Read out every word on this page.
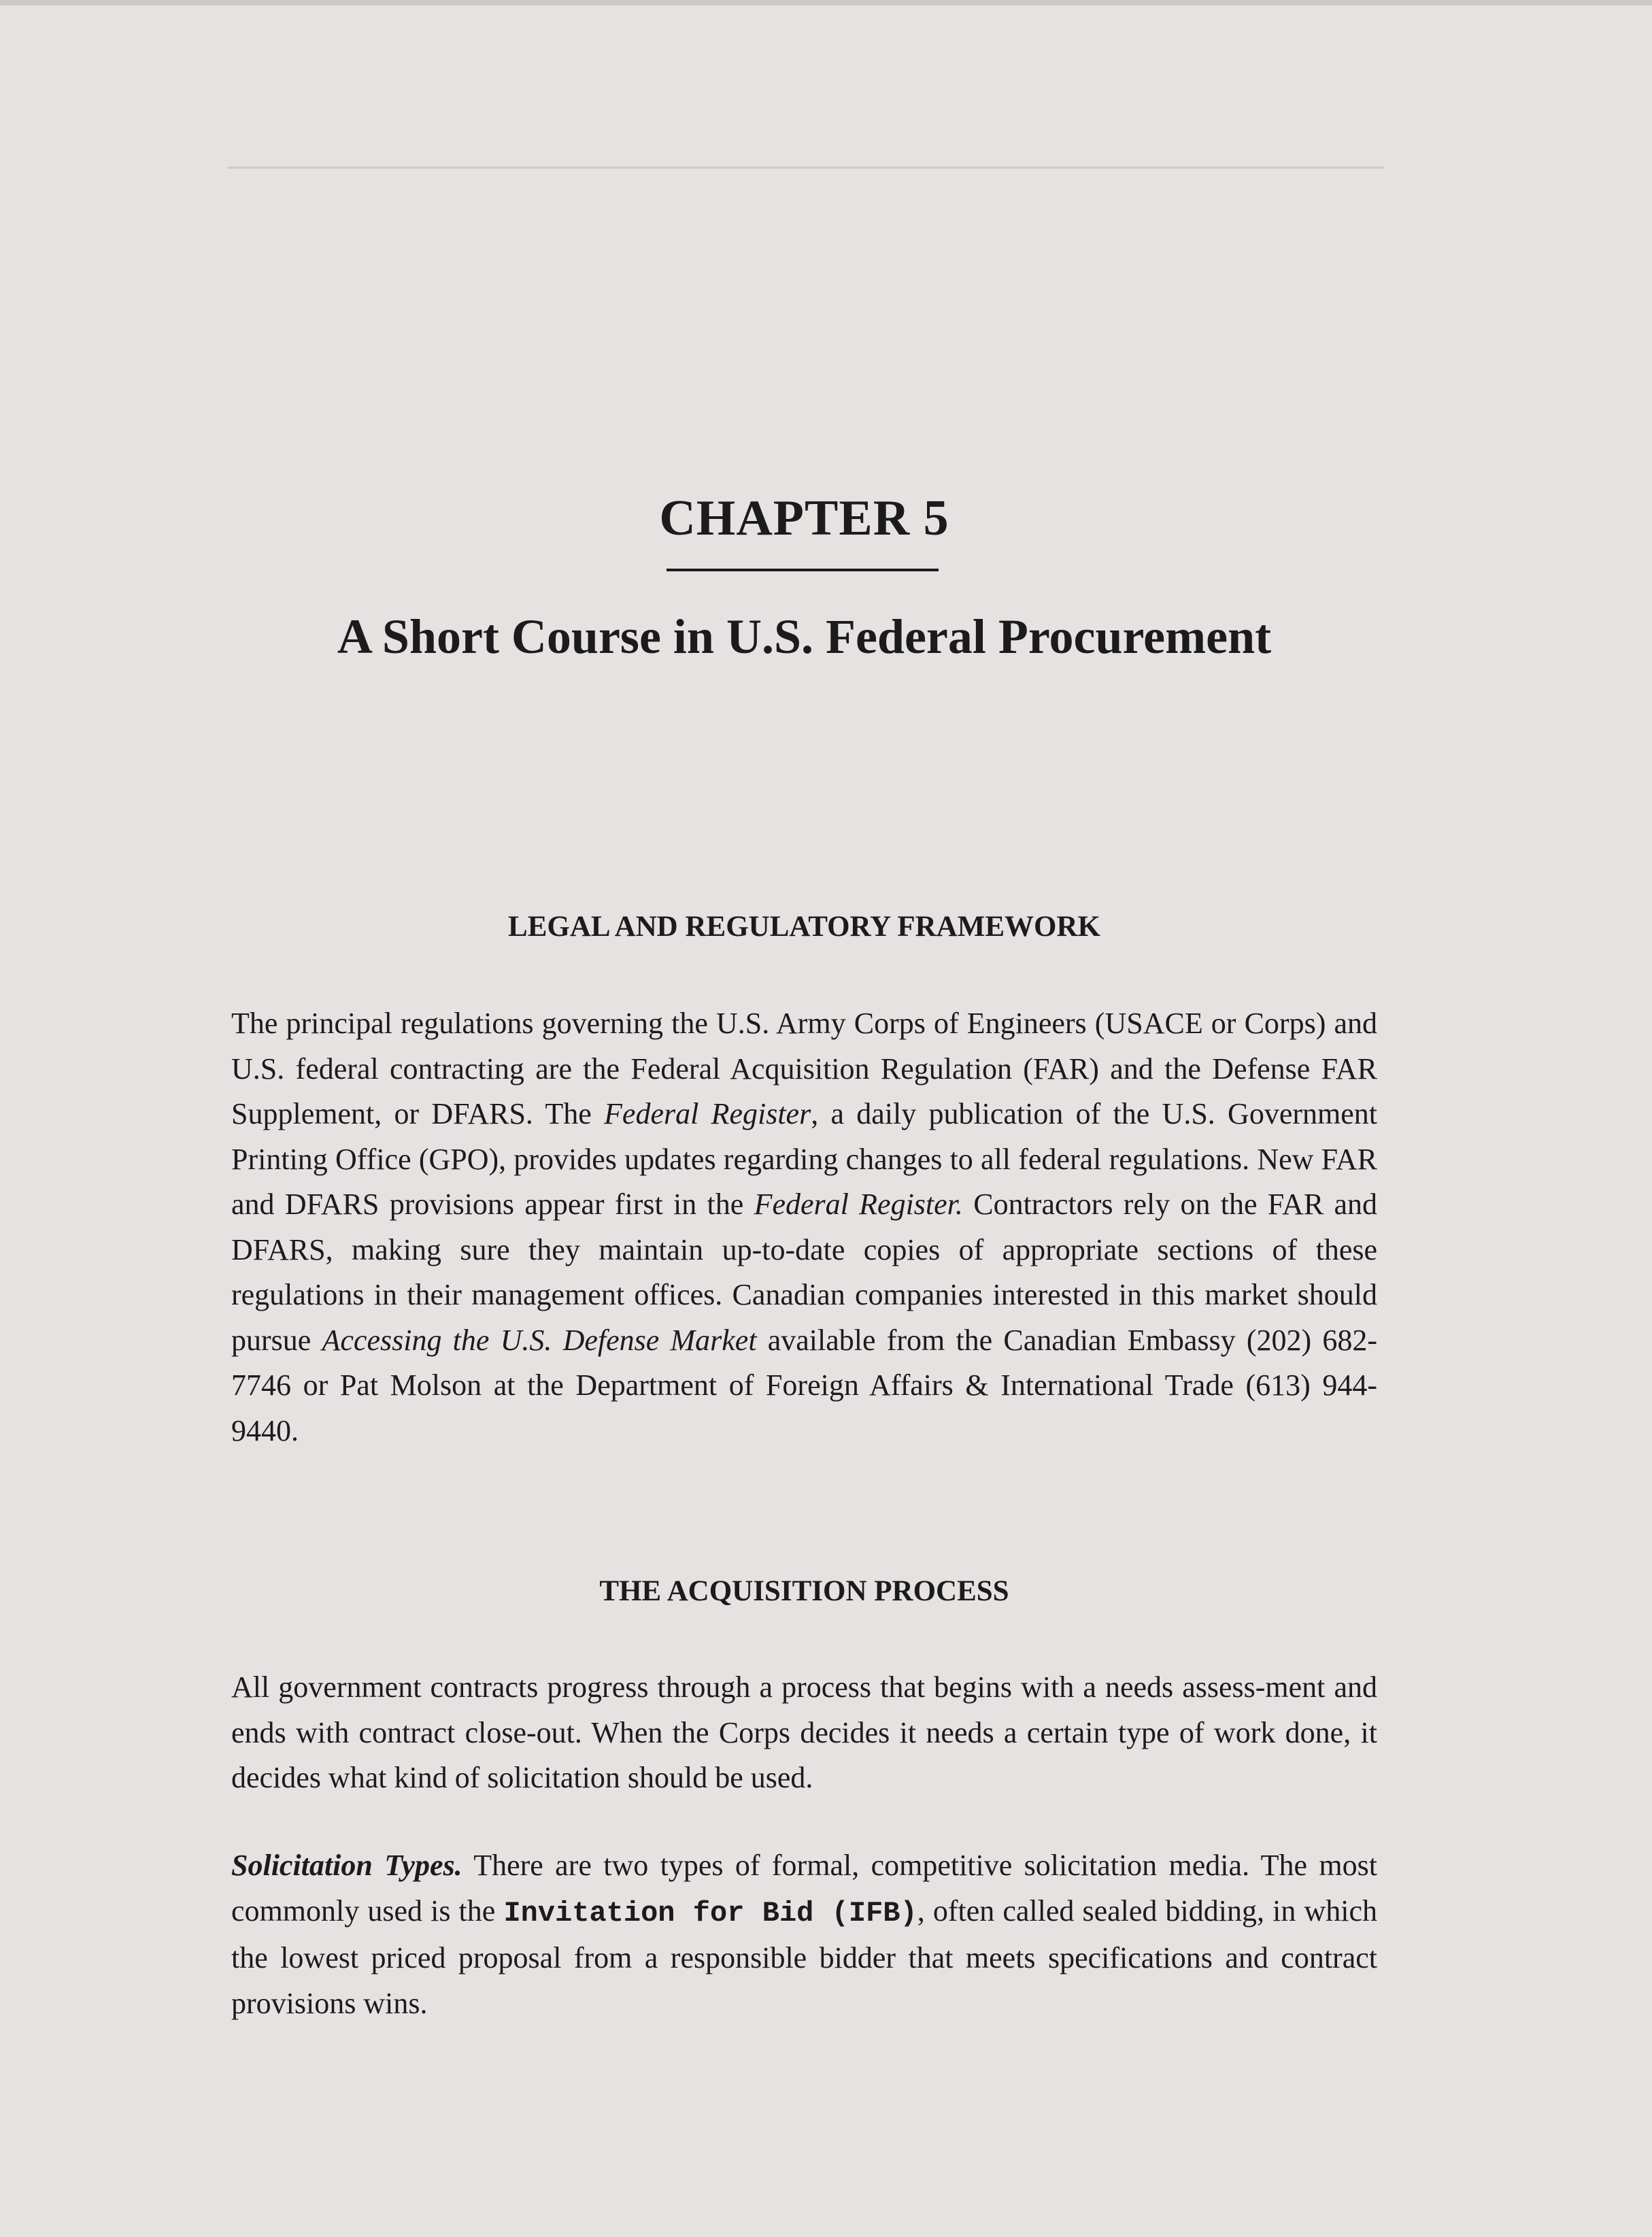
CHAPTER 5
A Short Course in U.S. Federal Procurement
LEGAL AND REGULATORY FRAMEWORK
The principal regulations governing the U.S. Army Corps of Engineers (USACE or Corps) and U.S. federal contracting are the Federal Acquisition Regulation (FAR) and the Defense FAR Supplement, or DFARS. The Federal Register, a daily publication of the U.S. Government Printing Office (GPO), provides updates regarding changes to all federal regulations. New FAR and DFARS provisions appear first in the Federal Register. Contractors rely on the FAR and DFARS, making sure they maintain up-to-date copies of appropriate sections of these regulations in their management offices. Canadian companies interested in this market should pursue Accessing the U.S. Defense Market available from the Canadian Embassy (202) 682-7746 or Pat Molson at the Department of Foreign Affairs & International Trade (613) 944-9440.
THE ACQUISITION PROCESS
All government contracts progress through a process that begins with a needs assess-ment and ends with contract close-out. When the Corps decides it needs a certain type of work done, it decides what kind of solicitation should be used.
Solicitation Types. There are two types of formal, competitive solicitation media. The most commonly used is the Invitation for Bid (IFB), often called sealed bidding, in which the lowest priced proposal from a responsible bidder that meets specifications and contract provisions wins.
